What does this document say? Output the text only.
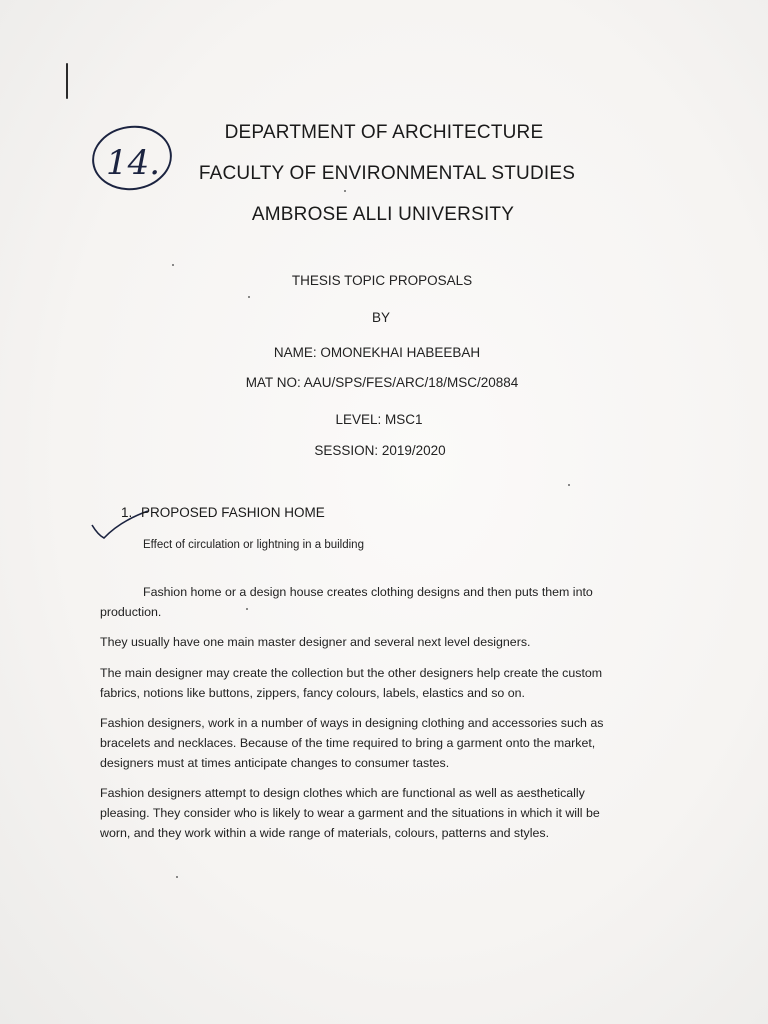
14.
DEPARTMENT OF ARCHITECTURE
FACULTY OF ENVIRONMENTAL STUDIES
AMBROSE ALLI UNIVERSITY
THESIS TOPIC PROPOSALS
BY
NAME: OMONEKHAI HABEEBAH
MAT NO: AAU/SPS/FES/ARC/18/MSC/20884
LEVEL: MSC1
SESSION: 2019/2020
1. PROPOSED FASHION HOME
Effect of circulation or lightning in a building
Fashion home or a design house creates clothing designs and then puts them into
production.
They usually have one main master designer and several next level designers.
The main designer may create the collection but the other designers help create the custom
fabrics, notions like buttons, zippers, fancy colours, labels, elastics and so on.
Fashion designers, work in a number of ways in designing clothing and accessories such as
bracelets and necklaces. Because of the time required to bring a garment onto the market,
designers must at times anticipate changes to consumer tastes.
Fashion designers attempt to design clothes which are functional as well as aesthetically
pleasing. They consider who is likely to wear a garment and the situations in which it will be
worn, and they work within a wide range of materials, colours, patterns and styles.
